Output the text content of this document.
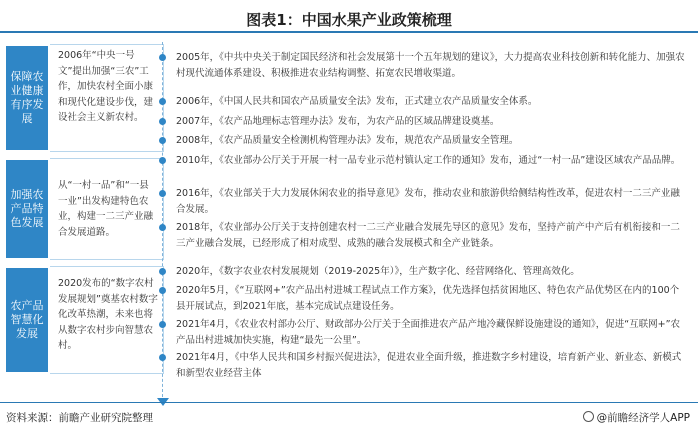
图表1：中国水果产业政策梳理
保障农业健康有序发展
2006年“中央一号文”提出加强“三农”工作，加快农村全面小康和现代化建设步伐，建设社会主义新农村。
加强农产品特色发展
从“一村一品”和“一县一业”出发构建特色农业，构建一二三产业融合发展道路。
农产品智慧化发展
2020发布的“数字农村发展规划”奠基农村数字化改革热潮，未来也将从数字农村步向智慧农村。
2005年，《中共中央关于制定国民经济和社会发展第十一个五年规划的建议》，大力提高农业科技创新和转化能力、加强农村现代流通体系建设、积极推进农业结构调整、拓宽农民增收渠道。
2006年，《中国人民共和国农产品质量安全法》发布，正式建立农产品质量安全体系。
2007年，《农产品地理标志管理办法》发布，为农产品的区域品牌建设奠基。
2008年，《农产品质量安全检测机构管理办法》发布，规范农产品质量安全管理。
2010年，《农业部办公厅关于开展一村一品专业示范村镇认定工作的通知》发布，通过“一村一品”建设区域农产品品牌。
2016年，《农业部关于大力发展休闲农业的指导意见》发布，推动农业和旅游供给侧结构性改革，促进农村一二三产业融合发展。
2018年，《农业部办公厅关于支持创建农村一二三产业融合发展先导区的意见》发布，坚持产前产中产后有机衔接和一二三产业融合发展，已经形成了相对成型、成熟的融合发展模式和全产业链条。
2020年，《数字农业农村发展规划（2019-2025年）》，生产数字化、经营网络化、管理高效化。
2020年5月，《“互联网+”农产品出村进城工程试点工作方案》，优先选择包括贫困地区、特色农产品优势区在内的100个县开展试点，到2021年底，基本完成试点建设任务。
2021年4月，《农业农村部办公厅、财政部办公厅关于全面推进农产品产地冷藏保鲜设施建设的通知》，促进“互联网+”农产品出村进城加快实施，构建“最先一公里”。
2021年4月，《中华人民共和国乡村振兴促进法》，促进农业全面升级，推进数字乡村建设，培育新产业、新业态、新模式和新型农业经营主体
资料来源：前瞻产业研究院整理	@前瞻经济学人APP
